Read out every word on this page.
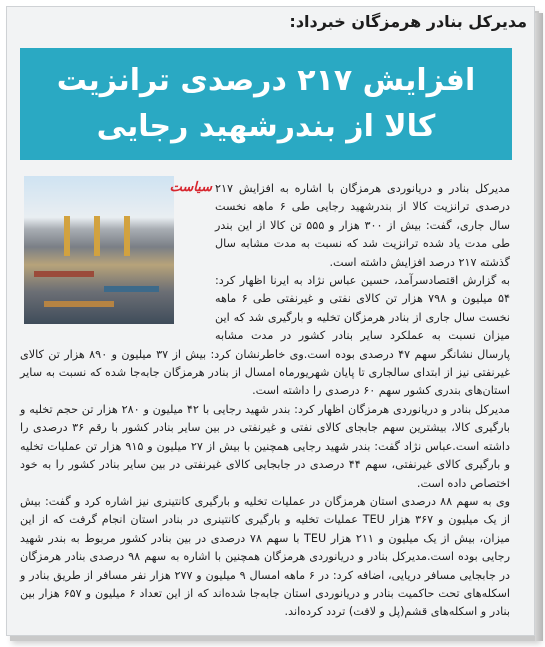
مدیرکل بنادر هرمزگان خبرداد:
افزایش ۲۱۷ درصدی ترانزیت
کالا از بندرشهید رجایی

مدیرکل بنادر و دریانوردی هرمزگان با اشاره به افزایش ۲۱۷ درصدی ترانزیت کالا از بندرشهید رجایی طی ۶ ماهه نخست سال جاری، گفت: بیش از ۳۰۰ هزار و ۵۵۵ تن کالا از این بندر طی مدت یاد شده ترانزیت شد که نسبت به مدت مشابه سال گذشته ۲۱۷ درصد افزایش داشته است.

به گزارش اقتصادسرآمد، حسین عباس نژاد به ایرنا اظهار کرد: ۵۴ میلیون و ۷۹۸ هزار تن کالای نفتی و غیرنفتی طی ۶ ماهه نخست سال جاری از بنادر هرمزگان تخلیه و بارگیری شد که این میزان نسبت به عملکرد سایر بنادر کشور در مدت مشابه پارسال نشانگر سهم ۴۷ درصدی بوده است.وی خاطرنشان کرد: بیش از ۳۷ میلیون و ۸۹۰ هزار تن کالای غیرنفتی نیز از ابتدای سالجاری تا پایان شهریورماه امسال از بنادر هرمزگان جابه‌جا شده که نسبت به سایر استان‌های بندری کشور سهم ۶۰ درصدی را داشته است.

مدیرکل بنادر و دریانوردی هرمزگان اظهار کرد: بندر شهید رجایی با ۴۲ میلیون و ۲۸۰ هزار تن حجم تخلیه و بارگیری کالا، بیشترین سهم جابجای کالای نفتی و غیرنفتی در بین سایر بنادر کشور با رقم ۳۶ درصدی را داشته است.عباس نژاد گفت: بندر شهید رجایی همچنین با بیش از ۲۷ میلیون و ۹۱۵ هزار تن عملیات تخلیه و بارگیری کالای غیرنفتی، سهم ۴۴ درصدی در جابجایی کالای غیرنفتی در بین سایر بنادر کشور را به خود اختصاص داده است.

وی به سهم ۸۸ درصدی استان هرمزگان در عملیات تخلیه و بارگیری کانتینری نیز اشاره کرد و گفت: بیش از یک میلیون و ۳۶۷ هزار TEU عملیات تخلیه و بارگیری کانتینری در بنادر استان انجام گرفت که از این میزان، بیش از یک میلیون و ۲۱۱ هزار TEU با سهم ۷۸ درصدی در بین بنادر کشور مربوط به بندر شهید رجایی بوده است.مدیرکل بنادر و دریانوردی هرمزگان همچنین با اشاره به سهم ۹۸ درصدی بنادر هرمزگان در جابجایی مسافر دریایی، اضافه کرد: در ۶ ماهه امسال ۹ میلیون و ۲۷۷ هزار نفر مسافر از طریق بنادر و اسکله‌های تحت حاکمیت بنادر و دریانوردی استان جابه‌جا شده‌اند که از این تعداد ۶ میلیون و ۶۵۷ هزار بین بنادر و اسکله‌های قشم(پل و لافت) تردد کرده‌اند.

سیاست
